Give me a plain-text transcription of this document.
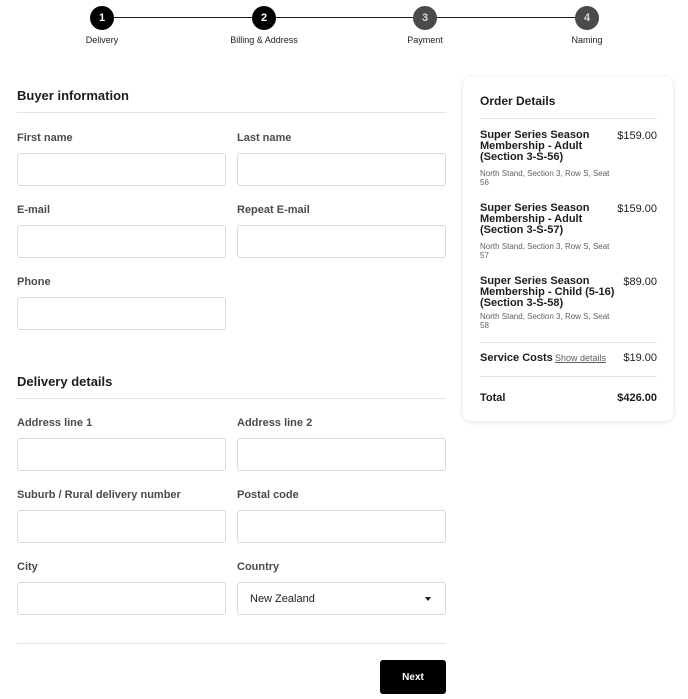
1
Delivery
2
Billing & Address
3
Payment
4
Naming
Buyer information
First name	Last name
E-mail	Repeat E-mail
Phone
Delivery details
Address line 1	Address line 2
Suburb / Rural delivery number	Postal code
City	Country
New Zealand
Next
Order Details
Super Series Season Membership - Adult (Section 3-S-56)
$159.00
North Stand, Section 3, Row S, Seat 56
Super Series Season Membership - Adult (Section 3-S-57)
$159.00
North Stand, Section 3, Row S, Seat 57
Super Series Season Membership - Child (5-16) (Section 3-S-58)
$89.00
North Stand, Section 3, Row S, Seat 58
Service Costs Show details $19.00
Total	$426.00
